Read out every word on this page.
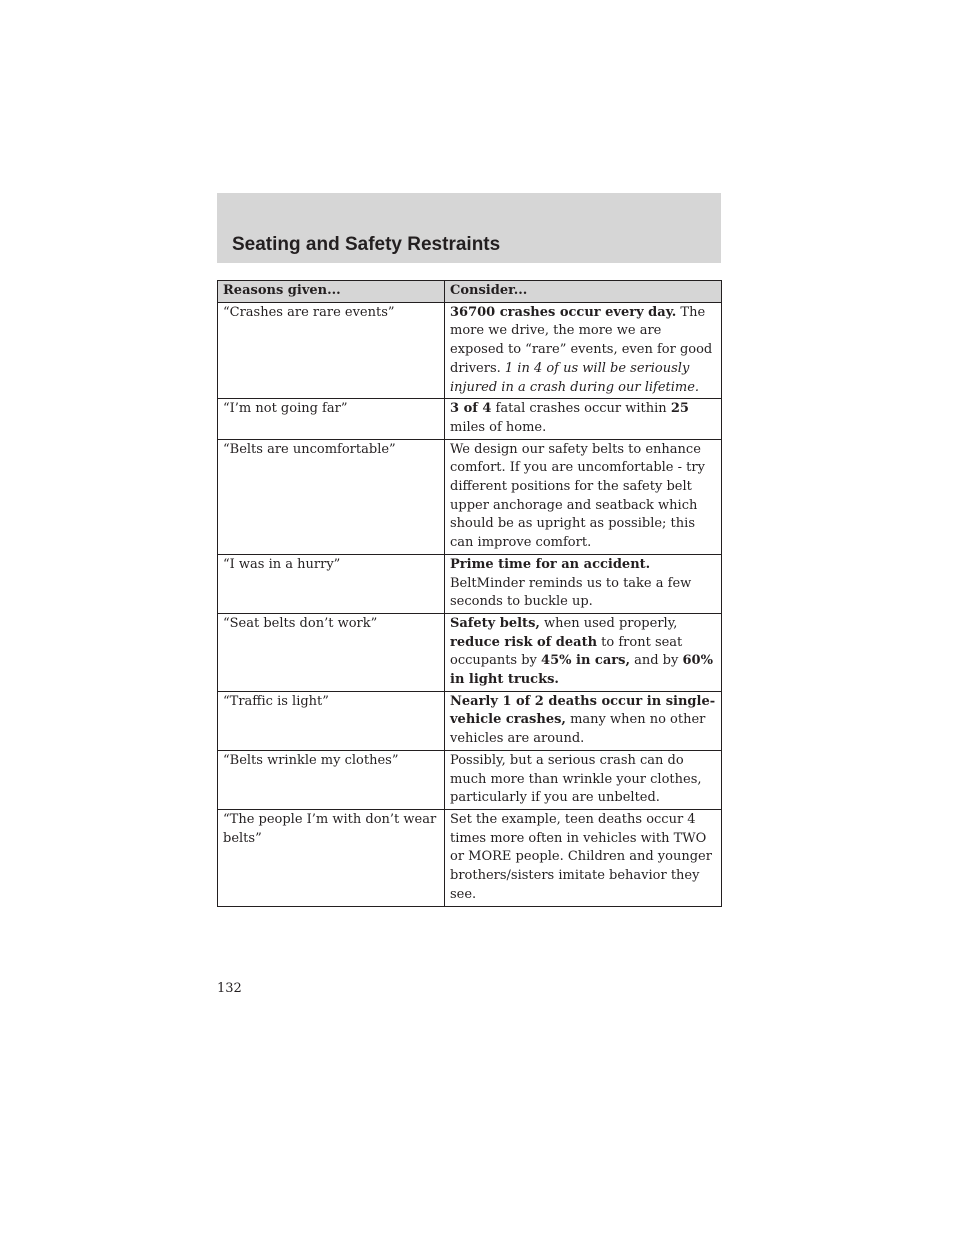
Seating and Safety Restraints
Reasons given...	Consider...
“Crashes are rare events”	36700 crashes occur every day. The more we drive, the more we are exposed to “rare” events, even for good drivers. 1 in 4 of us will be seriously injured in a crash during our lifetime.
“I’m not going far”	3 of 4 fatal crashes occur within 25 miles of home.
“Belts are uncomfortable”	We design our safety belts to enhance comfort. If you are uncomfortable - try different positions for the safety belt upper anchorage and seatback which should be as upright as possible; this can improve comfort.
“I was in a hurry”	Prime time for an accident. BeltMinder reminds us to take a few seconds to buckle up.
“Seat belts don’t work”	Safety belts, when used properly, reduce risk of death to front seat occupants by 45% in cars, and by 60% in light trucks.
“Traffic is light”	Nearly 1 of 2 deaths occur in single-vehicle crashes, many when no other vehicles are around.
“Belts wrinkle my clothes”	Possibly, but a serious crash can do much more than wrinkle your clothes, particularly if you are unbelted.
“The people I’m with don’t wear belts”	Set the example, teen deaths occur 4 times more often in vehicles with TWO or MORE people. Children and younger brothers/sisters imitate behavior they see.
132
